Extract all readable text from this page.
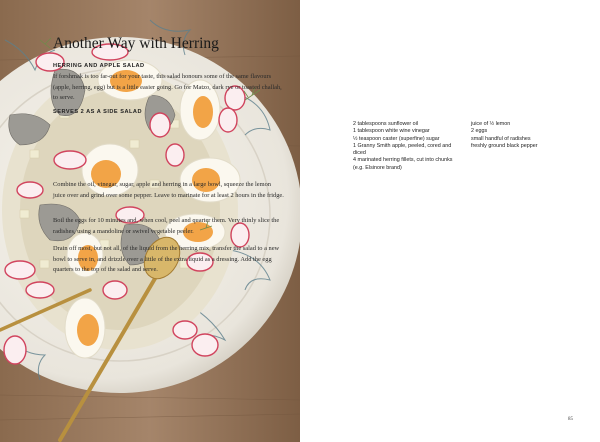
Another Way with Herring
HERRING AND APPLE SALAD
If forshmak is too far-out for your taste, this salad honours some of the same flavours (apple, herring, egg) but is a little easier going. Go for Matzo, dark rye or toasted challah, to serve.
SERVES 2 AS A SIDE SALAD
2 tablespoons sunflower oil
1 tablespoon white wine vinegar
½ teaspoon caster (superfine) sugar
1 Granny Smith apple, peeled, cored and diced
4 marinated herring fillets, cut into chunks (e.g. Elsinore brand)
juice of ½ lemon
2 eggs
small handful of radishes
freshly ground black pepper
Combine the oil, vinegar, sugar, apple and herring in a large bowl, squeeze the lemon juice over and grind over some pepper. Leave to marinate for at least 2 hours in the fridge.
Boil the eggs for 10 minutes and, when cool, peel and quarter them. Very thinly slice the radishes, using a mandoline or swivel vegetable peeler.
Drain off most, but not all, of the liquid from the herring mix, transfer the salad to a new bowl to serve in, and drizzle over a little of the extra liquid as a dressing. Add the egg quarters to the top of the salad and serve.
85
